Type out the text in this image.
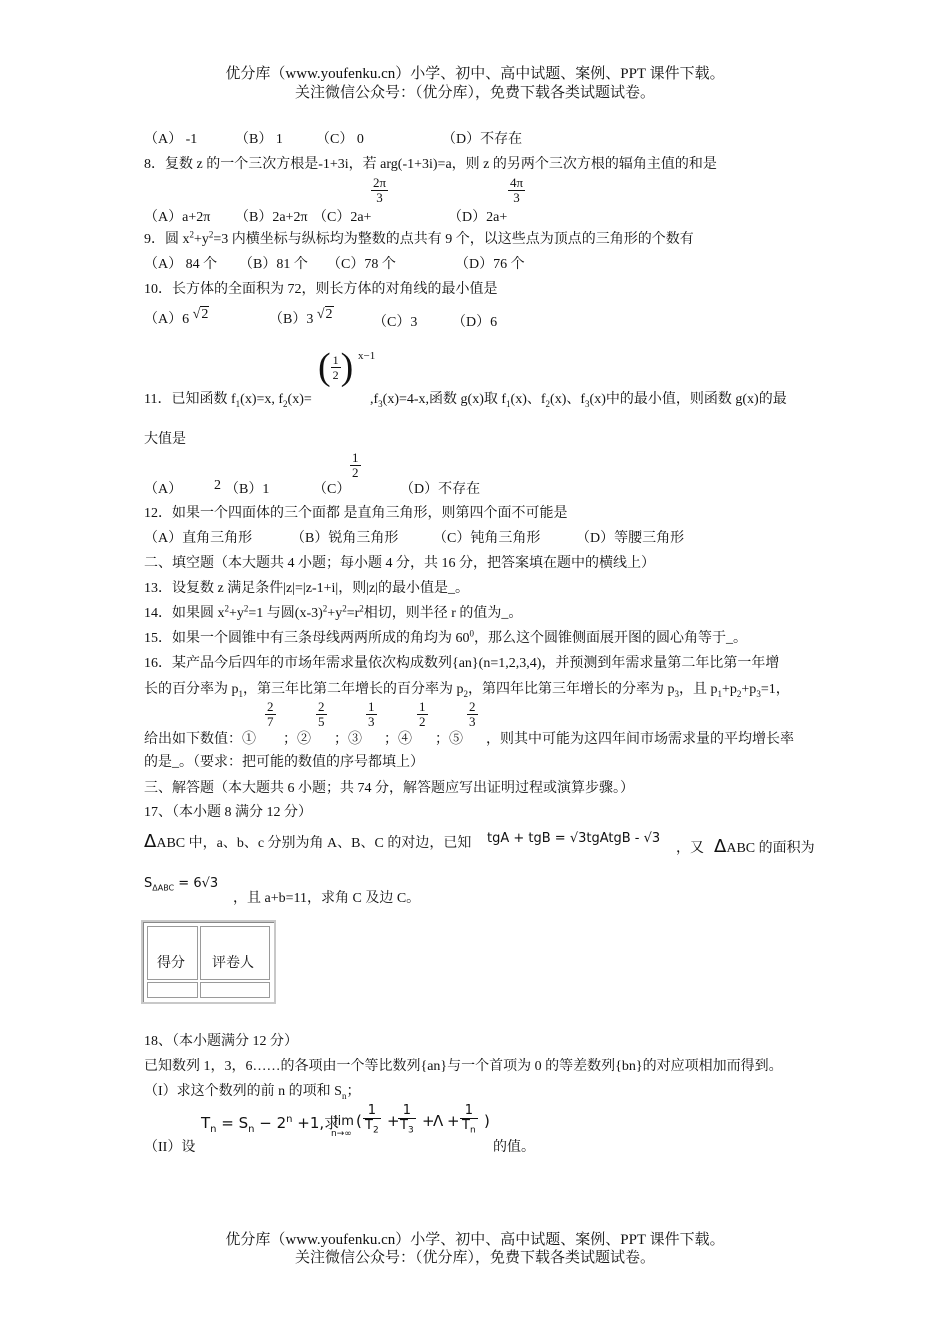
优分库（www.youfenku.cn）小学、初中、高中试题、案例、PPT 课件下载。
关注微信公众号：（优分库），免费下载各类试题试卷。
（A） -1	（B） 1 （C） 0	（D）不存在
8．复数 z 的一个三次方根是-1+3i，若 arg(-1+3i)=a，则 z 的另两个三次方根的辐角主值的和是
$\frac{2\pi}{3}$	$\frac{4\pi}{3}$
（A）a+2π （B）2a+2π （C）2a+	（D）2a+
9．圆 $x^2+y^2=3$ 内横坐标与纵标均为整数的点共有 9 个，以这些点为顶点的三角形的个数有
（A） 84 个 （B）81 个 （C）78 个	（D）76 个
10．长方体的全面积为 72，则长方体的对角线的最小值是
（A）6 √2	（B）3 √2
（C）3 （D）6
11．已知函数 $f_1(x)=x$, $f_2(x)=$
( $\frac{1}{2}$ ) x−1
$,f_3(x)=4-x$,函数 g(x)取 $f_1(x)$、$f_2(x)$、$f_3(x)$中的最小值，则函数 g(x)的最
大值是
$\frac{1}{2}$
（A） 2 （B）1	（C）	（D）不存在
12．如果一个四面体的三个面都 是直角三角形，则第四个面不可能是
（A）直角三角形	（B）锐角三角形 （C）钝角三角形	（D）等腰三角形
二、填空题（本大题共 4 小题；每小题 4 分，共 16 分，把答案填在题中的横线上）
13．设复数 z 满足条件|z|=|z-1+i|，则|z|的最小值是_。
14．如果圆 $x^2+y^2=1$ 与圆$(x-3)^2+y^2=r^2$相切，则半径 r 的值为_。
15．如果一个圆锥中有三条母线两两所成的角均为 $60^0$，那么这个圆锥侧面展开图的圆心角等于_。
16．某产品今后四年的市场年需求量依次构成数列{an}(n=1,2,3,4)，并预测到年需求量第二年比第一年增
长的百分率为 $p_1$，第三年比第二年增长的百分率为 $p_2$，第四年比第三年增长的分率为 $p_3$，且 $p_1+p_2+p_3=1$，
给出如下数值：①
$\frac{2}{7}$
；②
$\frac{2}{5}$
；③
$\frac{1}{3}$
；④
$\frac{1}{2}$
；⑤
$\frac{2}{3}$
，则其中可能为这四年间市场需求量的平均增长率
的是_。（要求：把可能的数值的序号都填上）
三、解答题（本大题共 6 小题；共 74 分，解答题应写出证明过程或演算步骤。）
17、（本小题 8 满分 12 分）
ΔABC 中，a、b、c 分别为角 A、B、C 的对边，已知 tgA + tgB = √3tgAtgB - √3
，又 ΔABC 的面积为
$S_{\Delta ABC} = 6√3$
，且 a+b=11，求角 C 及边 C。
得分 评卷人
18、（本小题满分 12 分）
已知数列 1，3，6……的各项由一个等比数列{an}与一个首项为 0 的等差数列{bn}的对应项相加而得到。
（I）求这个数列的前 n 的项和 $S_n$；
（II）设
$T_n = S_n - 2^n +1$,求
lim
n→∞
( $\frac{1}{T_2}$ +
$\frac{1}{T_3}$ +
$\Lambda + \frac{1}{T_n}$ )
的值。
优分库（www.youfenku.cn）小学、初中、高中试题、案例、PPT 课件下载。
关注微信公众号：（优分库），免费下载各类试题试卷。
